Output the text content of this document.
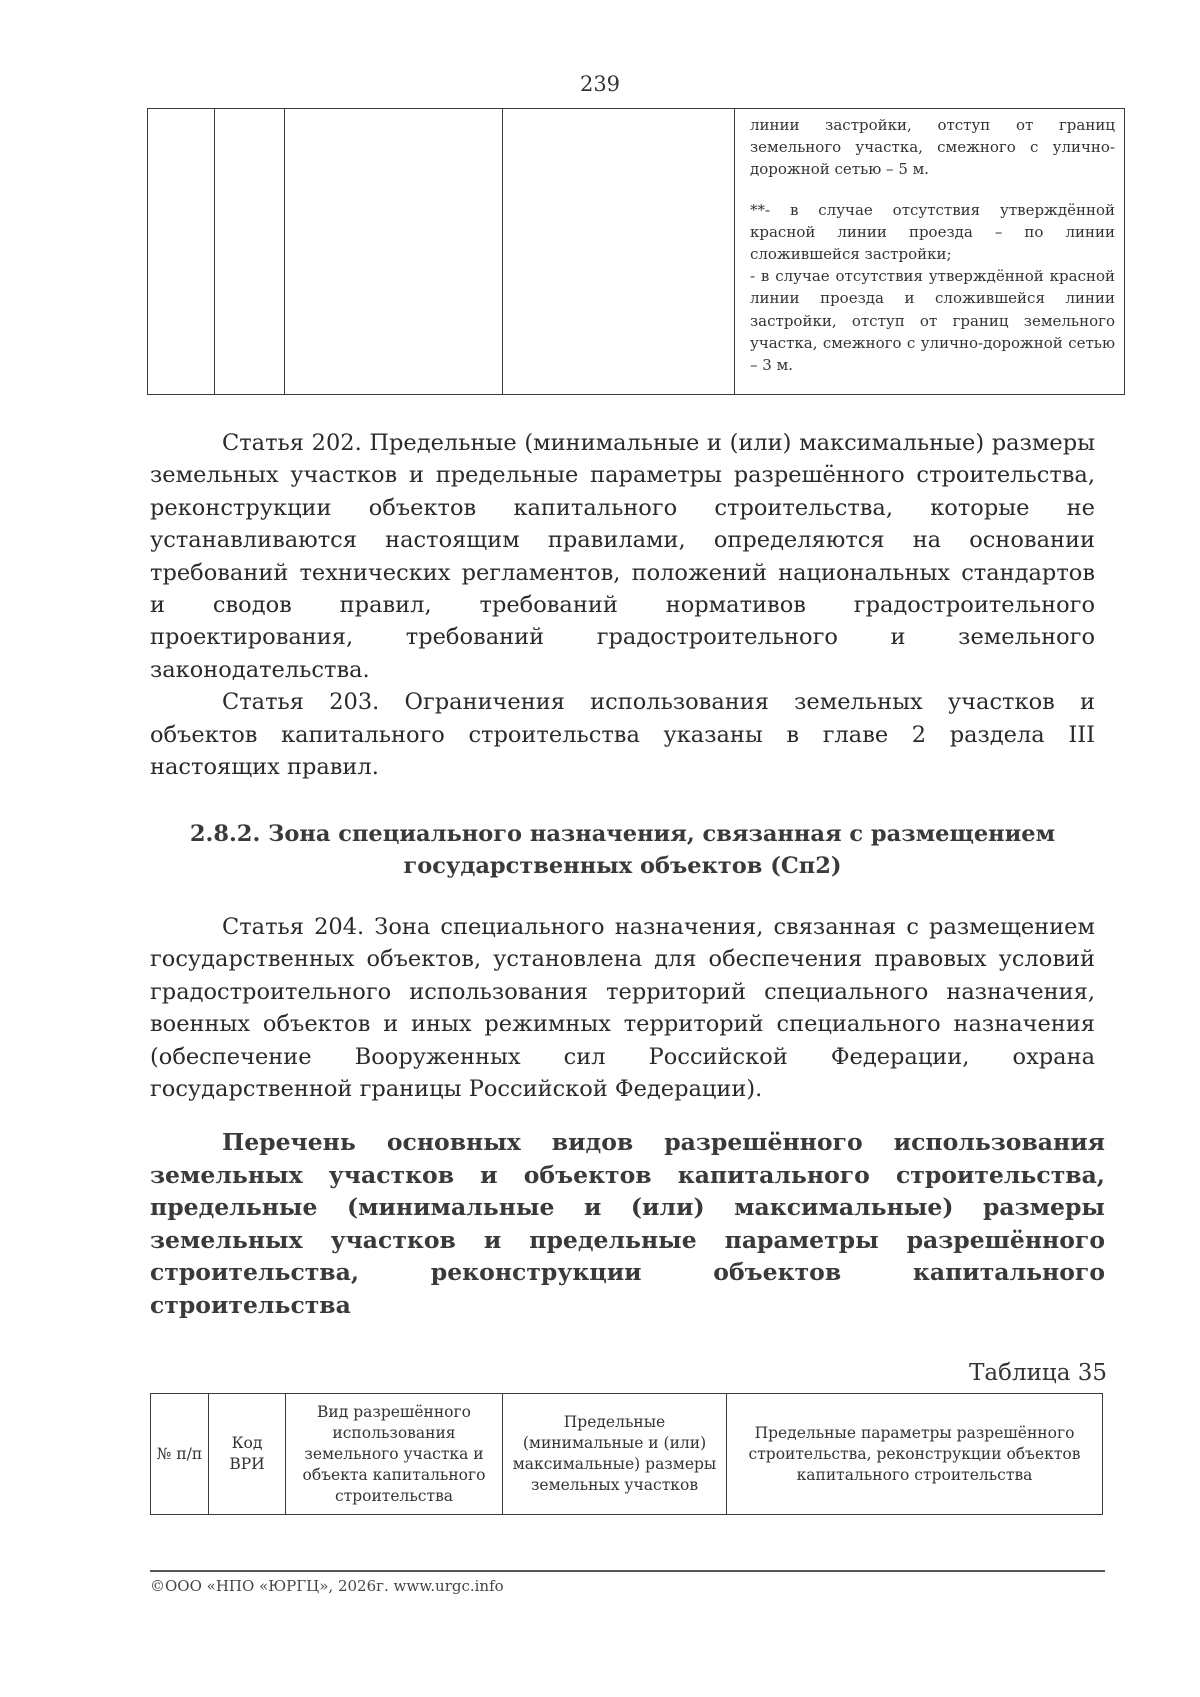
239

линии застройки, отступ от границ земельного участка, смежного с улично-дорожной сетью – 5 м.

**- в случае отсутствия утверждённой красной линии проезда – по линии сложившейся застройки;

- в случае отсутствия утверждённой красной линии проезда и сложившейся линии застройки, отступ от границ земельного участка, смежного с улично-дорожной сетью – 3 м.

Статья 202. Предельные (минимальные и (или) максимальные) размеры земельных участков и предельные параметры разрешённого строительства, реконструкции объектов капитального строительства, которые не устанавливаются настоящим правилами, определяются на основании требований технических регламентов, положений национальных стандартов и сводов правил, требований нормативов градостроительного проектирования, требований градостроительного и земельного законодательства.

Статья 203. Ограничения использования земельных участков и объектов капитального строительства указаны в главе 2 раздела III настоящих правил.

2.8.2. Зона специального назначения, связанная с размещением
государственных объектов (Сп2)

Статья 204. Зона специального назначения, связанная с размещением государственных объектов, установлена для обеспечения правовых условий градостроительного использования территорий специального назначения, военных объектов и иных режимных территорий специального назначения (обеспечение Вооруженных сил Российской Федерации, охрана государственной границы Российской Федерации).

Перечень основных видов разрешённого использования земельных участков и объектов капитального строительства, предельные (минимальные и (или) максимальные) размеры земельных участков и предельные параметры разрешённого строительства, реконструкции объектов капитального строительства
Таблица 35
№ п/п	Код ВРИ	Вид разрешённого использования земельного участка и объекта капитального строительства	Предельные (минимальные и (или) максимальные) размеры земельных участков	Предельные параметры разрешённого строительства, реконструкции объектов капитального строительства
©ООО «НПО «ЮРГЦ», 2026г. www.urgc.info
